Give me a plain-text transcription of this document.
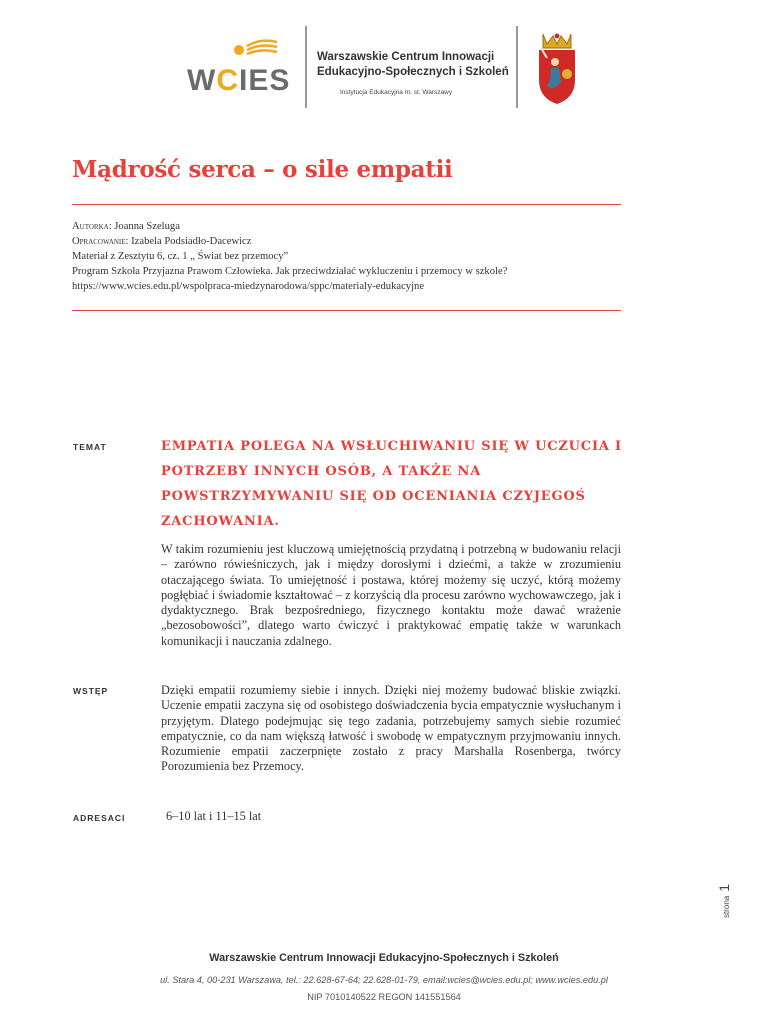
WCIES
Warszawskie Centrum Innowacji
Edukacyjno-Społecznych i Szkoleń
Instytucja Edukacyjna m. st. Warszawy
Mądrość serca – o sile empatii
Autorka: Joanna Szeluga
Opracowanie: Izabela Podsiadło-Dacewicz
Materiał z Zesztytu 6, cz. 1 „ Świat bez przemocy”
Program Szkoła Przyjazna Prawom Człowieka. Jak przeciwdziałać wykluczeniu i przemocy w szkole?
https://www.wcies.edu.pl/wspolpraca-miedzynarodowa/sppc/materialy-edukacyjne
TEMAT	EMPATIA POLEGA NA WSŁUCHIWANIU SIĘ W UCZUCIA I POTRZEBY INNYCH OSÓB, A TAKŻE NA POWSTRZYMYWANIU SIĘ OD OCENIANIA CZYJEGOŚ ZACHOWANIA.
W takim rozumieniu jest kluczową umiejętnością przydatną i potrzebną w budowaniu relacji – zarówno rówieśniczych, jak i między dorosłymi i dziećmi, a także w zrozumieniu otaczającego świata. To umiejętność i postawa, której możemy się uczyć, którą możemy pogłębiać i świadomie kształtować – z korzyścią dla procesu zarówno wychowawczego, jak i dydaktycznego. Brak bezpośredniego, fizycznego kontaktu może dawać wrażenie „bezosobowości”, dlatego warto ćwiczyć i praktykować empatię także w warunkach komunikacji i nauczania zdalnego.
WSTĘP	Dzięki empatii rozumiemy siebie i innych. Dzięki niej możemy budować bliskie związki. Uczenie empatii zaczyna się od osobistego doświadczenia bycia empatycznie wysłuchanym i przyjętym. Dlatego podejmując się tego zadania, potrzebujemy samych siebie rozumieć empatycznie, co da nam większą łatwość i swobodę w empatycznym przyjmowaniu innych. Rozumienie empatii zaczerpnięte zostało z pracy Marshalla Rosenberga, twórcy Porozumienia bez Przemocy.
ADRESACI	6–10 lat i 11–15 lat
strona1
Warszawskie Centrum Innowacji Edukacyjno-Społecznych i Szkoleń
ul. Stara 4, 00-231 Warszawa, tel.: 22.628-67-64; 22.628-01-79, email:wcies@wcies.edu.pl; www.wcies.edu.pl
NIP 7010140522 REGON 141551564
